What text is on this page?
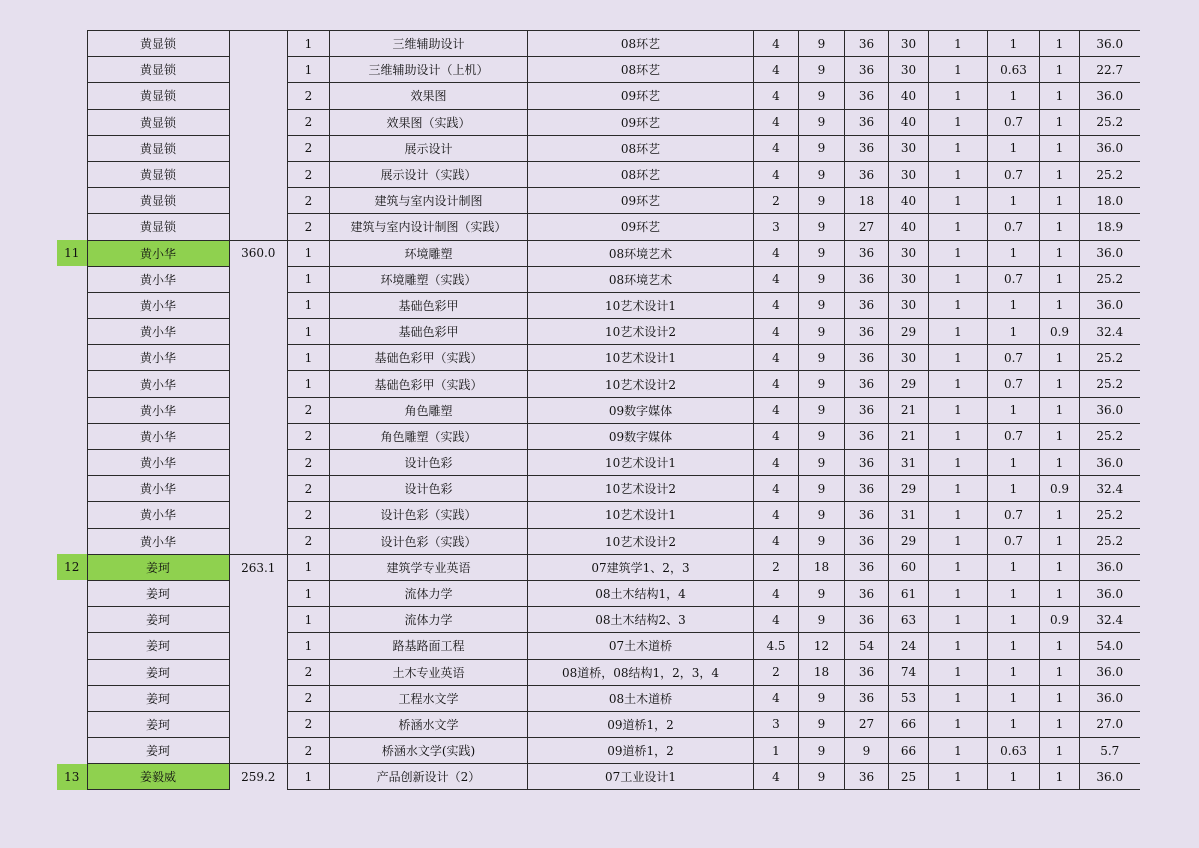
	黄显锁			1	三维辅助设计	08环艺	4	9	36	30	1	1	1	36.0
	黄显锁			1	三维辅助设计（上机）	08环艺	4	9	36	30	1	0.63	1	22.7
	黄显锁			2	效果图	09环艺	4	9	36	40	1	1	1	36.0
	黄显锁			2	效果图（实践）	09环艺	4	9	36	40	1	0.7	1	25.2
	黄显锁			2	展示设计	08环艺	4	9	36	30	1	1	1	36.0
	黄显锁			2	展示设计（实践）	08环艺	4	9	36	30	1	0.7	1	25.2
	黄显锁			2	建筑与室内设计制图	09环艺	2	9	18	40	1	1	1	18.0
	黄显锁			2	建筑与室内设计制图（实践）	09环艺	3	9	27	40	1	0.7	1	18.9
11	黄小华	360.0		1	环境雕塑	08环境艺术	4	9	36	30	1	1	1	36.0
	黄小华			1	环境雕塑（实践）	08环境艺术	4	9	36	30	1	0.7	1	25.2
	黄小华			1	基础色彩甲	10艺术设计1	4	9	36	30	1	1	1	36.0
	黄小华			1	基础色彩甲	10艺术设计2	4	9	36	29	1	1	0.9	32.4
	黄小华			1	基础色彩甲（实践）	10艺术设计1	4	9	36	30	1	0.7	1	25.2
	黄小华			1	基础色彩甲（实践）	10艺术设计2	4	9	36	29	1	0.7	1	25.2
	黄小华			2	角色雕塑	09数字媒体	4	9	36	21	1	1	1	36.0
	黄小华			2	角色雕塑（实践）	09数字媒体	4	9	36	21	1	0.7	1	25.2
	黄小华			2	设计色彩	10艺术设计1	4	9	36	31	1	1	1	36.0
	黄小华			2	设计色彩	10艺术设计2	4	9	36	29	1	1	0.9	32.4
	黄小华			2	设计色彩（实践）	10艺术设计1	4	9	36	31	1	0.7	1	25.2
	黄小华			2	设计色彩（实践）	10艺术设计2	4	9	36	29	1	0.7	1	25.2
12	姜珂	263.1		1	建筑学专业英语	07建筑学1、2，3	2	18	36	60	1	1	1	36.0
	姜珂			1	流体力学	08土木结构1，4	4	9	36	61	1	1	1	36.0
	姜珂			1	流体力学	08土木结构2、3	4	9	36	63	1	1	0.9	32.4
	姜珂			1	路基路面工程	07土木道桥	4.5	12	54	24	1	1	1	54.0
	姜珂			2	土木专业英语	08道桥，08结构1，2，3，4	2	18	36	74	1	1	1	36.0
	姜珂			2	工程水文学	08土木道桥	4	9	36	53	1	1	1	36.0
	姜珂			2	桥涵水文学	09道桥1，2	3	9	27	66	1	1	1	27.0
	姜珂			2	桥涵水文学(实践)	09道桥1，2	1	9	9	66	1	0.63	1	5.7
13	姜毅威	259.2		1	产品创新设计（2）	07工业设计1	4	9	36	25	1	1	1	36.0
